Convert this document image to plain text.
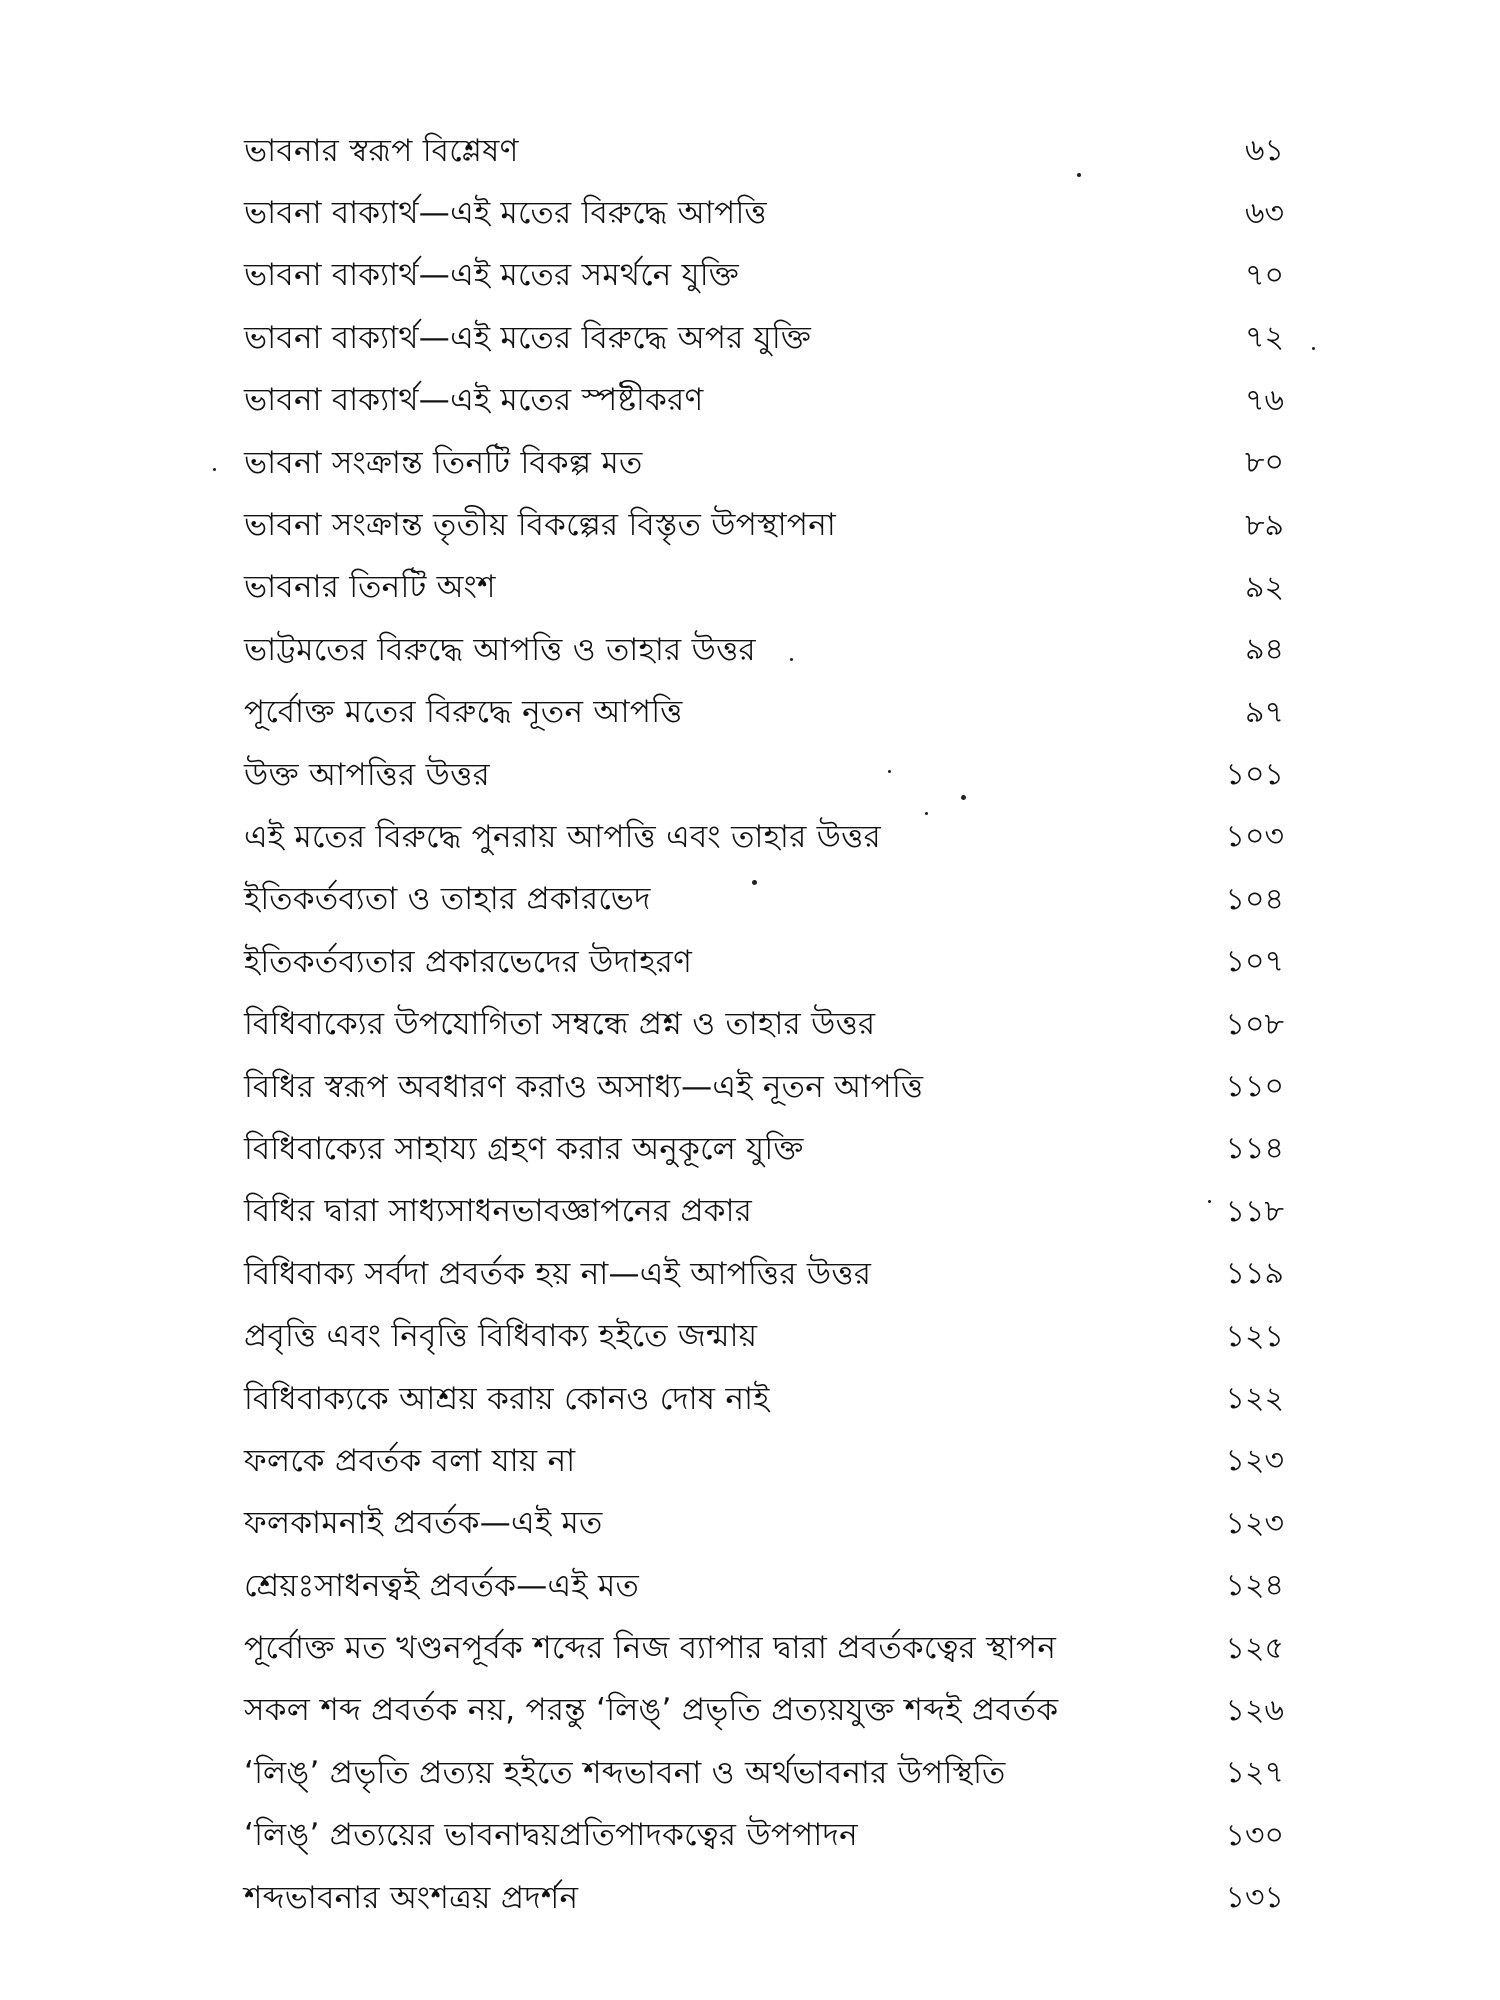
ভাবনার স্বরূপ বিশ্লেষণ	৬১
ভাবনা বাক্যার্থ—এই মতের বিরুদ্ধে আপত্তি	৬৩
ভাবনা বাক্যার্থ—এই মতের সমর্থনে যুক্তি	৭০
ভাবনা বাক্যার্থ—এই মতের বিরুদ্ধে অপর যুক্তি	৭২
ভাবনা বাক্যার্থ—এই মতের স্পষ্টীকরণ	৭৬
ভাবনা সংক্রান্ত তিনটি বিকল্প মত	৮০
ভাবনা সংক্রান্ত তৃতীয় বিকল্পের বিস্তৃত উপস্থাপনা	৮৯
ভাবনার তিনটি অংশ	৯২
ভাট্টমতের বিরুদ্ধে আপত্তি ও তাহার উত্তর	৯৪
পূর্বোক্ত মতের বিরুদ্ধে নূতন আপত্তি	৯৭
উক্ত আপত্তির উত্তর	১০১
এই মতের বিরুদ্ধে পুনরায় আপত্তি এবং তাহার উত্তর	১০৩
ইতিকর্তব্যতা ও তাহার প্রকারভেদ	১০৪
ইতিকর্তব্যতার প্রকারভেদের উদাহরণ	১০৭
বিধিবাক্যের উপযোগিতা সম্বন্ধে প্রশ্ন ও তাহার উত্তর	১০৮
বিধির স্বরূপ অবধারণ করাও অসাধ্য—এই নূতন আপত্তি	১১০
বিধিবাক্যের সাহায্য গ্রহণ করার অনুকূলে যুক্তি	১১৪
বিধির দ্বারা সাধ্যসাধনভাবজ্ঞাপনের প্রকার	১১৮
বিধিবাক্য সর্বদা প্রবর্তক হয় না—এই আপত্তির উত্তর	১১৯
প্রবৃত্তি এবং নিবৃত্তি বিধিবাক্য হইতে জন্মায়	১২১
বিধিবাক্যকে আশ্রয় করায় কোনও দোষ নাই	১২২
ফলকে প্রবর্তক বলা যায় না	১২৩
ফলকামনাই প্রবর্তক—এই মত	১২৩
শ্রেয়ঃসাধনত্বই প্রবর্তক—এই মত	১২৪
পূর্বোক্ত মত খণ্ডনপূর্বক শব্দের নিজ ব্যাপার দ্বারা প্রবর্তকত্বের স্থাপন	১২৫
সকল শব্দ প্রবর্তক নয়, পরন্তু ‘লিঙ্’ প্রভৃতি প্রত্যয়যুক্ত শব্দই প্রবর্তক	১২৬
‘লিঙ্’ প্রভৃতি প্রত্যয় হইতে শব্দভাবনা ও অর্থভাবনার উপস্থিতি	১২৭
‘লিঙ্’ প্রত্যয়ের ভাবনাদ্বয়প্রতিপাদকত্বের উপপাদন	১৩০
শব্দভাবনার অংশত্রয় প্রদর্শন	১৩১
